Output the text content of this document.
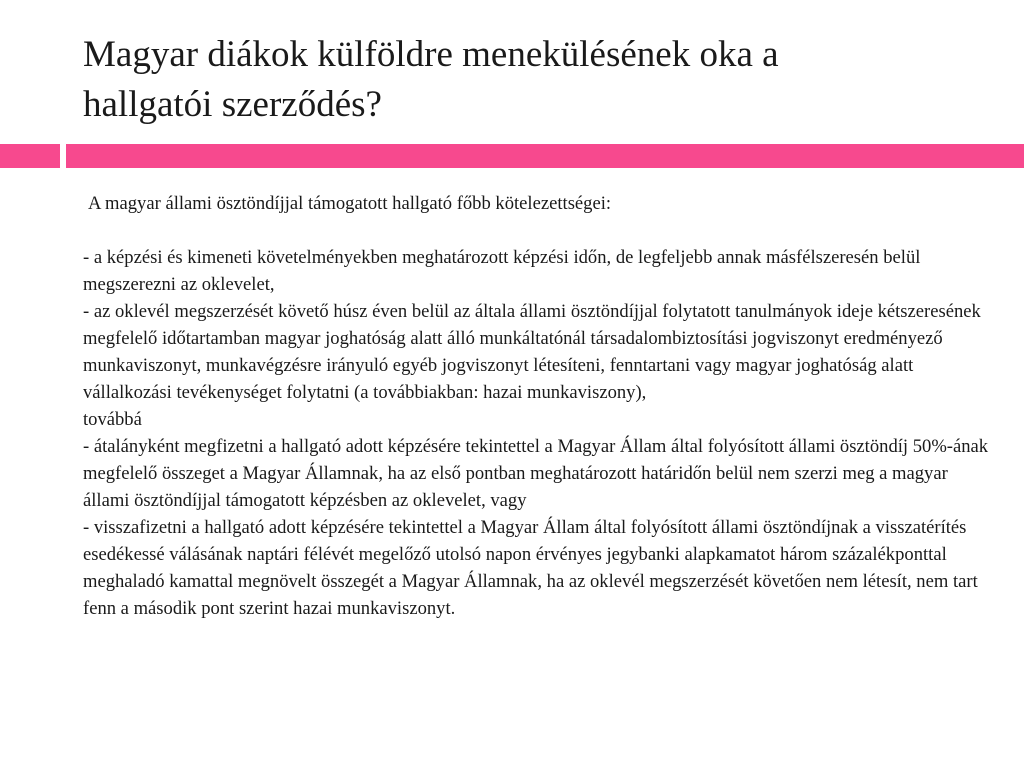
Magyar diákok külföldre menekülésének oka a
hallgatói szerződés?

A magyar állami ösztöndíjjal támogatott hallgató főbb kötelezettségei:

- a képzési és kimeneti követelményekben meghatározott képzési időn, de legfeljebb annak másfélszeresén belül megszerezni az oklevelet,

- az oklevél megszerzését követő húsz éven belül az általa állami ösztöndíjjal folytatott tanulmányok ideje kétszeresének megfelelő időtartamban magyar joghatóság alatt álló munkáltatónál társadalombiztosítási jogviszonyt eredményező munkaviszonyt, munkavégzésre irányuló egyéb jogviszonyt létesíteni, fenntartani vagy magyar joghatóság alatt vállalkozási tevékenységet folytatni (a továbbiakban: hazai munkaviszony),

továbbá

- átalányként megfizetni a hallgató adott képzésére tekintettel a Magyar Állam által folyósított állami ösztöndíj 50%-ának megfelelő összeget a Magyar Államnak, ha az első pontban meghatározott határidőn belül nem szerzi meg a magyar állami ösztöndíjjal támogatott képzésben az oklevelet, vagy

- visszafizetni a hallgató adott képzésére tekintettel a Magyar Állam által folyósított állami ösztöndíjnak a visszatérítés esedékessé válásának naptári félévét megelőző utolsó napon érvényes jegybanki alapkamatot három százalékponttal meghaladó kamattal megnövelt összegét a Magyar Államnak, ha az oklevél megszerzését követően nem létesít, nem tart fenn a második pont szerint hazai munkaviszonyt.
